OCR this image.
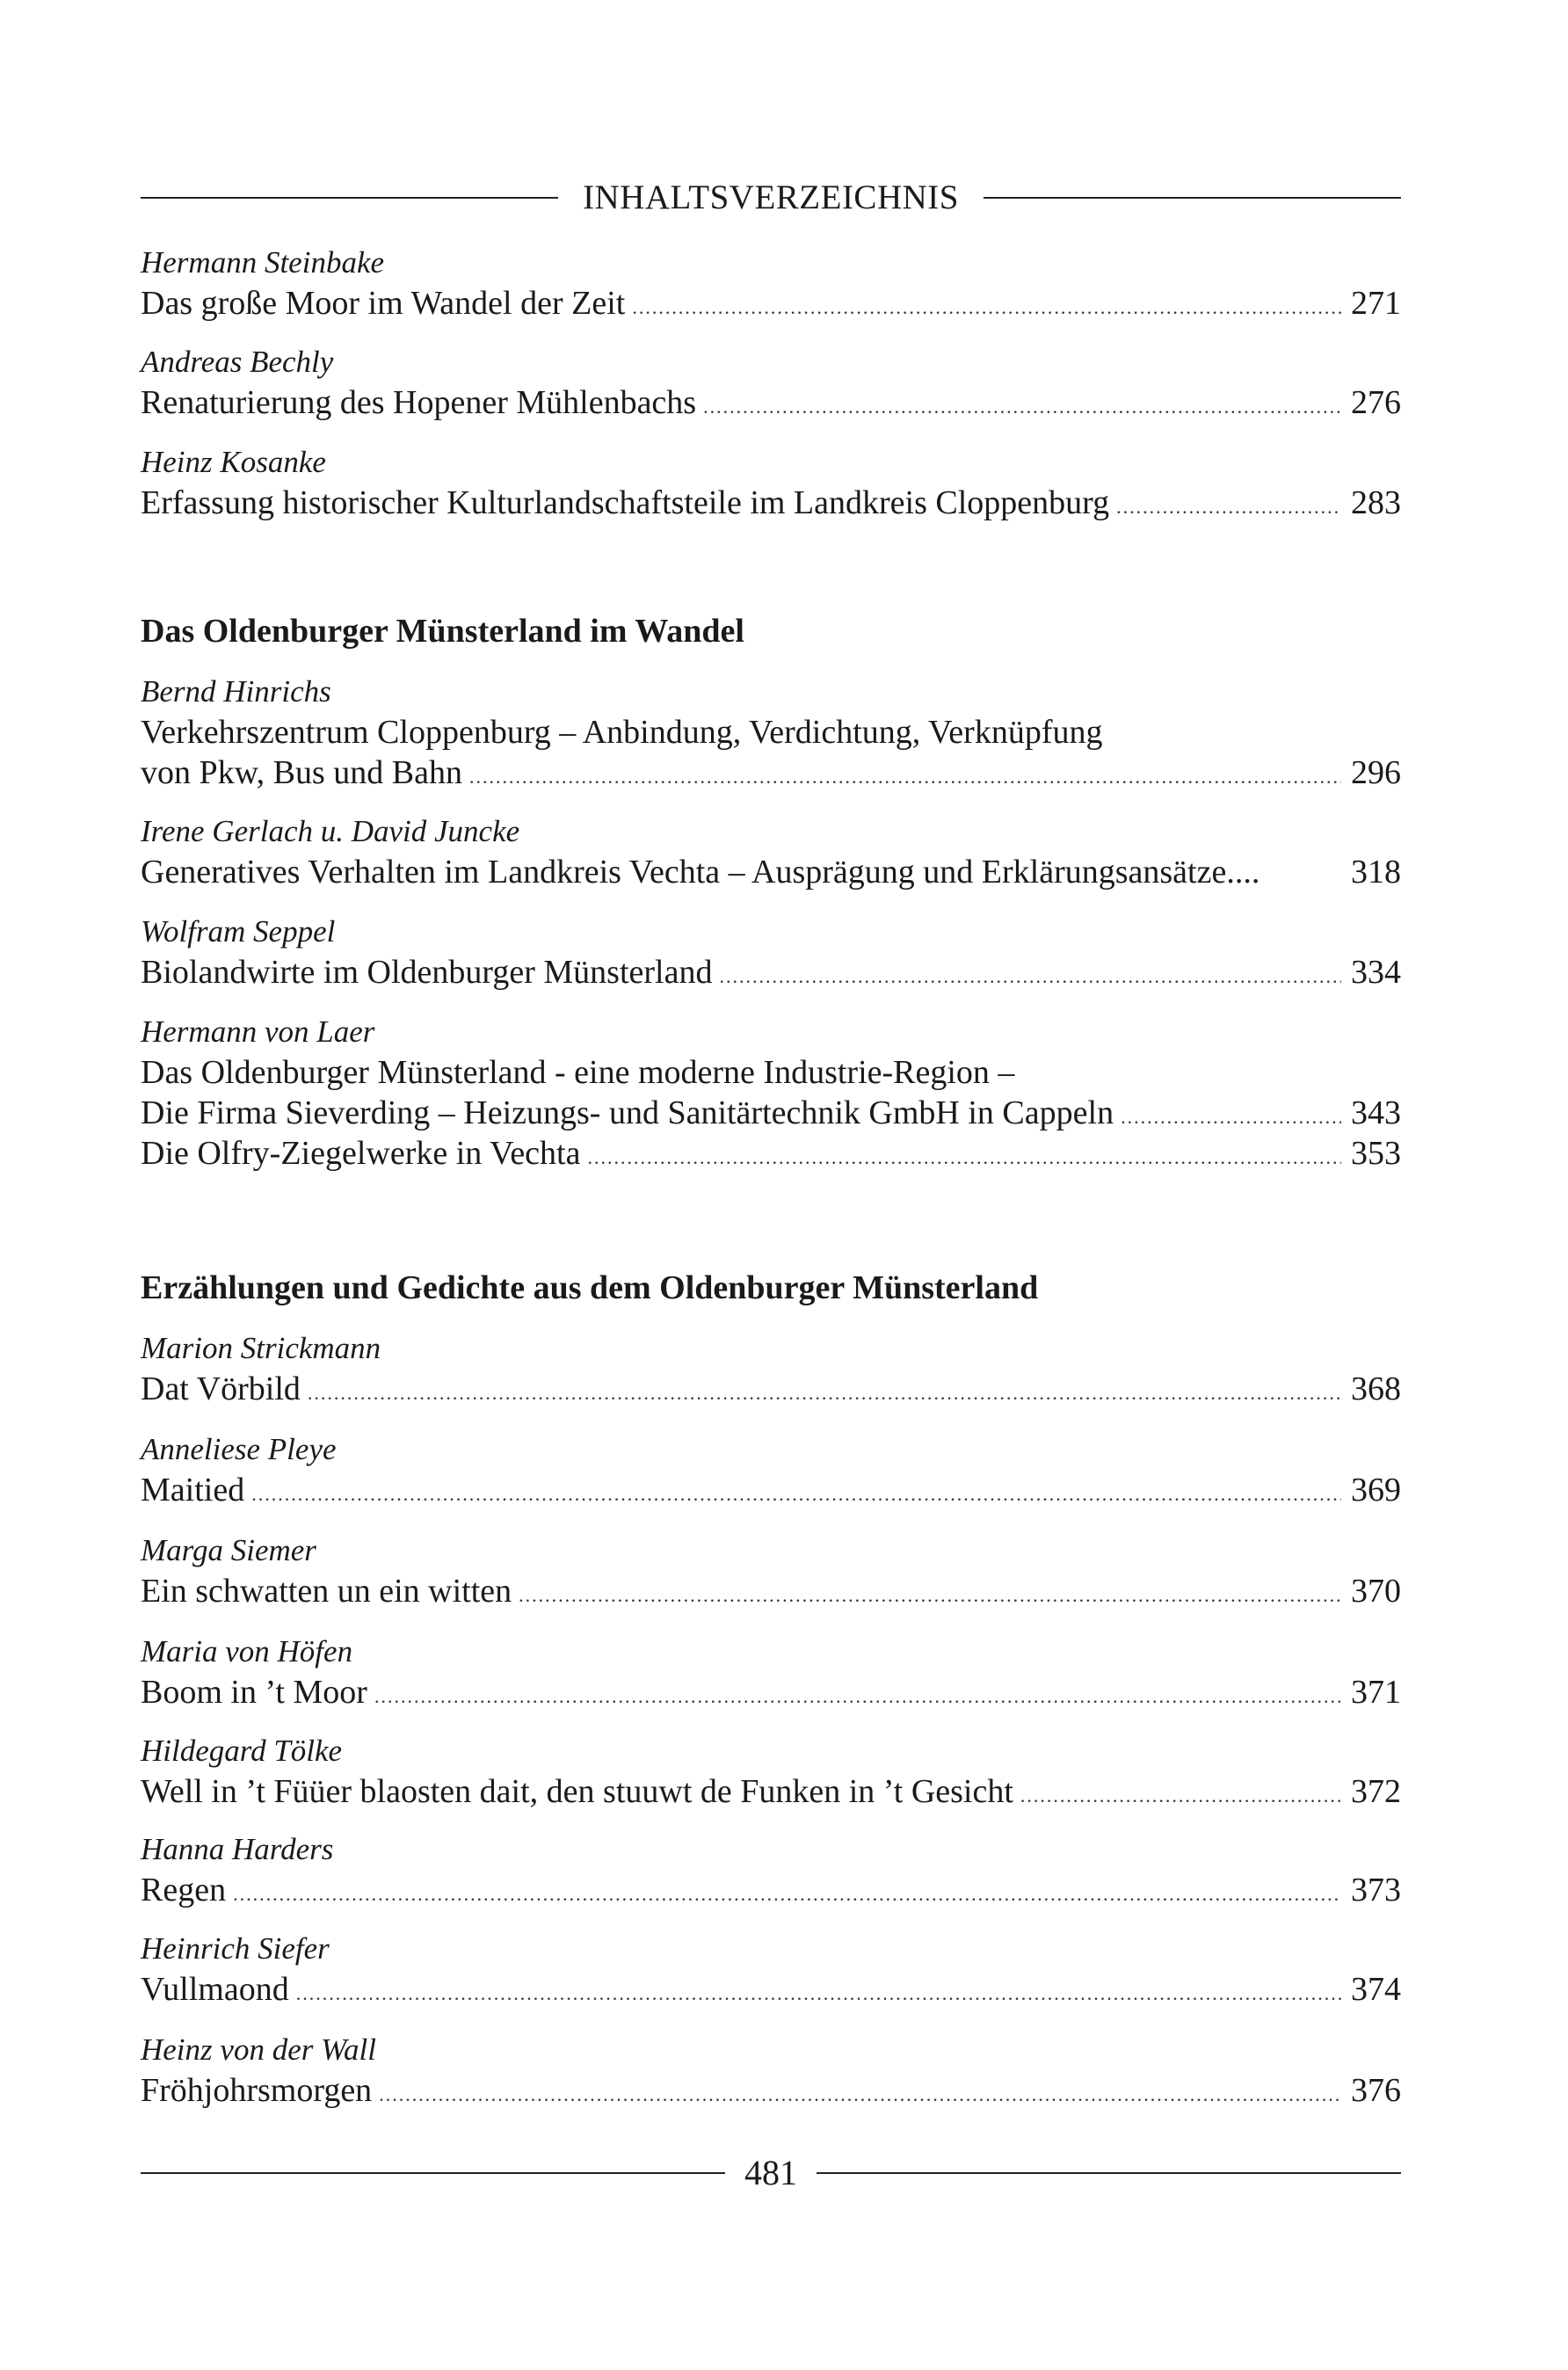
INHALTSVERZEICHNIS
Hermann Steinbake
Das große Moor im Wandel der Zeit .....	271
Andreas Bechly
Renaturierung des Hopener Mühlenbachs .....	276
Heinz Kosanke
Erfassung historischer Kulturlandschaftsteile im Landkreis Cloppenburg .....	283
Das Oldenburger Münsterland im Wandel
Bernd Hinrichs
Verkehrszentrum Cloppenburg – Anbindung, Verdichtung, Verknüpfung
von Pkw, Bus und Bahn .....	296
Irene Gerlach u. David Juncke
Generatives Verhalten im Landkreis Vechta – Ausprägung und Erklärungsansätze....	318
Wolfram Seppel
Biolandwirte im Oldenburger Münsterland .....	334
Hermann von Laer
Das Oldenburger Münsterland - eine moderne Industrie-Region –
Die Firma Sieverding – Heizungs- und Sanitärtechnik GmbH in Cappeln .....	343
Die Olfry-Ziegelwerke in Vechta .....	353
Erzählungen und Gedichte aus dem Oldenburger Münsterland
Marion Strickmann
Dat Vörbild .....	368
Anneliese Pleye
Maitied .....	369
Marga Siemer
Ein schwatten un ein witten .....	370
Maria von Höfen
Boom in ’t Moor .....	371
Hildegard Tölke
Well in ’t Füüer blaosten dait, den stuuwt de Funken in ’t Gesicht .....	372
Hanna Harders
Regen .....	373
Heinrich Siefer
Vullmaond .....	374
Heinz von der Wall
Fröhjohrsmorgen .....	376
481
